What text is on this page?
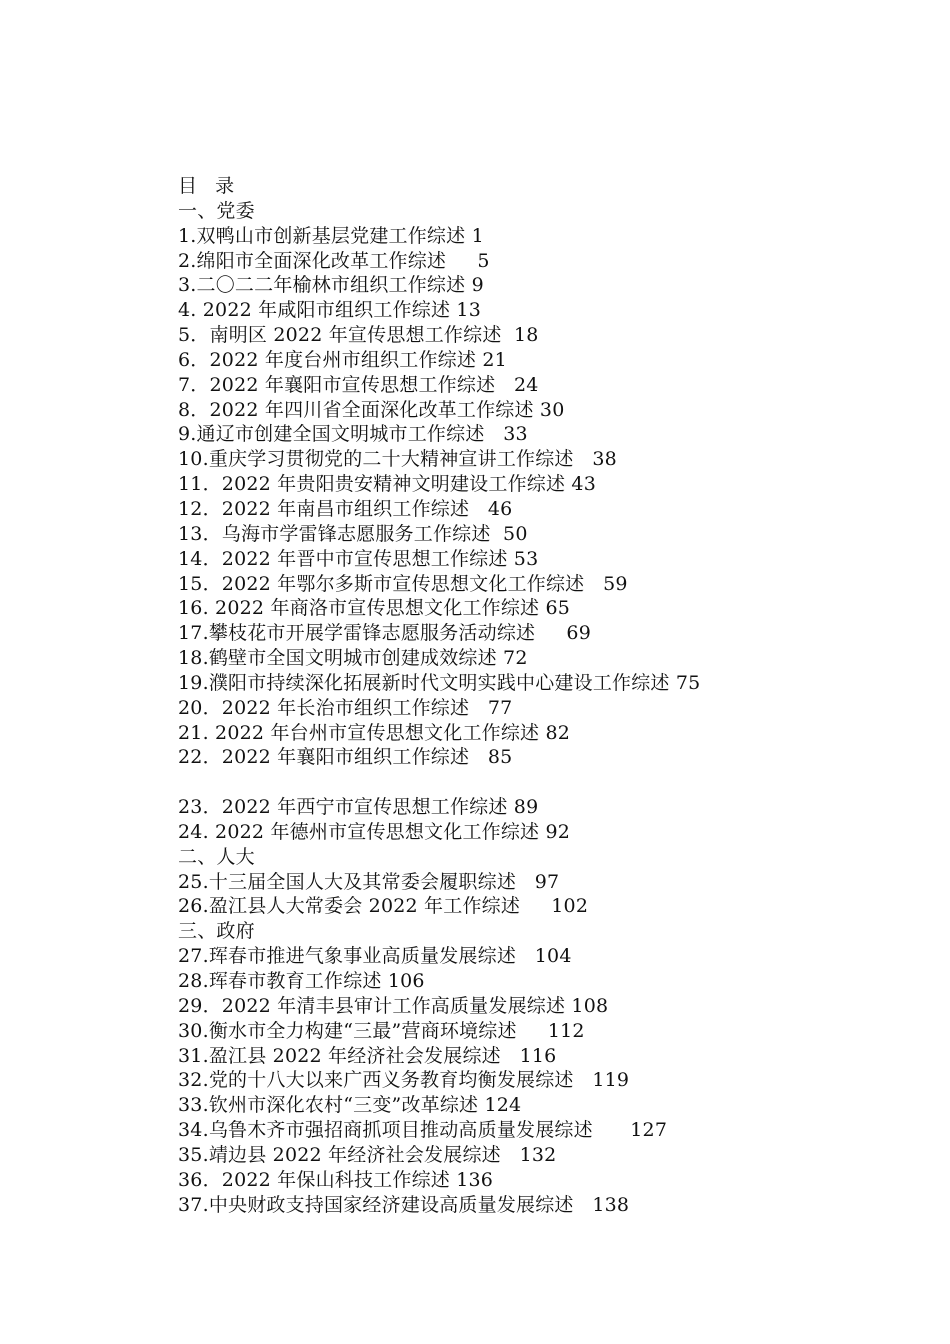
目  录
一、党委
1.双鸭山市创新基层党建工作综述 1
2.绵阳市全面深化改革工作综述     5
3.二〇二二年榆林市组织工作综述 9
4. 2022 年咸阳市组织工作综述 13
5．南明区 2022 年宣传思想工作综述  18
6．2022 年度台州市组织工作综述 21
7．2022 年襄阳市宣传思想工作综述   24
8．2022 年四川省全面深化改革工作综述 30
9.通辽市创建全国文明城市工作综述   33
10.重庆学习贯彻党的二十大精神宣讲工作综述   38
11．2022 年贵阳贵安精神文明建设工作综述 43
12．2022 年南昌市组织工作综述   46
13．乌海市学雷锋志愿服务工作综述  50
14．2022 年晋中市宣传思想工作综述 53
15．2022 年鄂尔多斯市宣传思想文化工作综述   59
16. 2022 年商洛市宣传思想文化工作综述 65
17.攀枝花市开展学雷锋志愿服务活动综述     69
18.鹤壁市全国文明城市创建成效综述 72
19.濮阳市持续深化拓展新时代文明实践中心建设工作综述 75
20．2022 年长治市组织工作综述   77
21. 2022 年台州市宣传思想文化工作综述 82
22．2022 年襄阳市组织工作综述   85
23．2022 年西宁市宣传思想工作综述 89
24. 2022 年德州市宣传思想文化工作综述 92
二、人大
25.十三届全国人大及其常委会履职综述   97
26.盈江县人大常委会 2022 年工作综述     102
三、政府
27.珲春市推进气象事业高质量发展综述   104
28.珲春市教育工作综述 106
29．2022 年清丰县审计工作高质量发展综述 108
30.衡水市全力构建“三最”营商环境综述     112
31.盈江县 2022 年经济社会发展综述   116
32.党的十八大以来广西义务教育均衡发展综述   119
33.钦州市深化农村“三变”改革综述 124
34.乌鲁木齐市强招商抓项目推动高质量发展综述      127
35.靖边县 2022 年经济社会发展综述   132
36．2022 年保山科技工作综述 136
37.中央财政支持国家经济建设高质量发展综述   138
